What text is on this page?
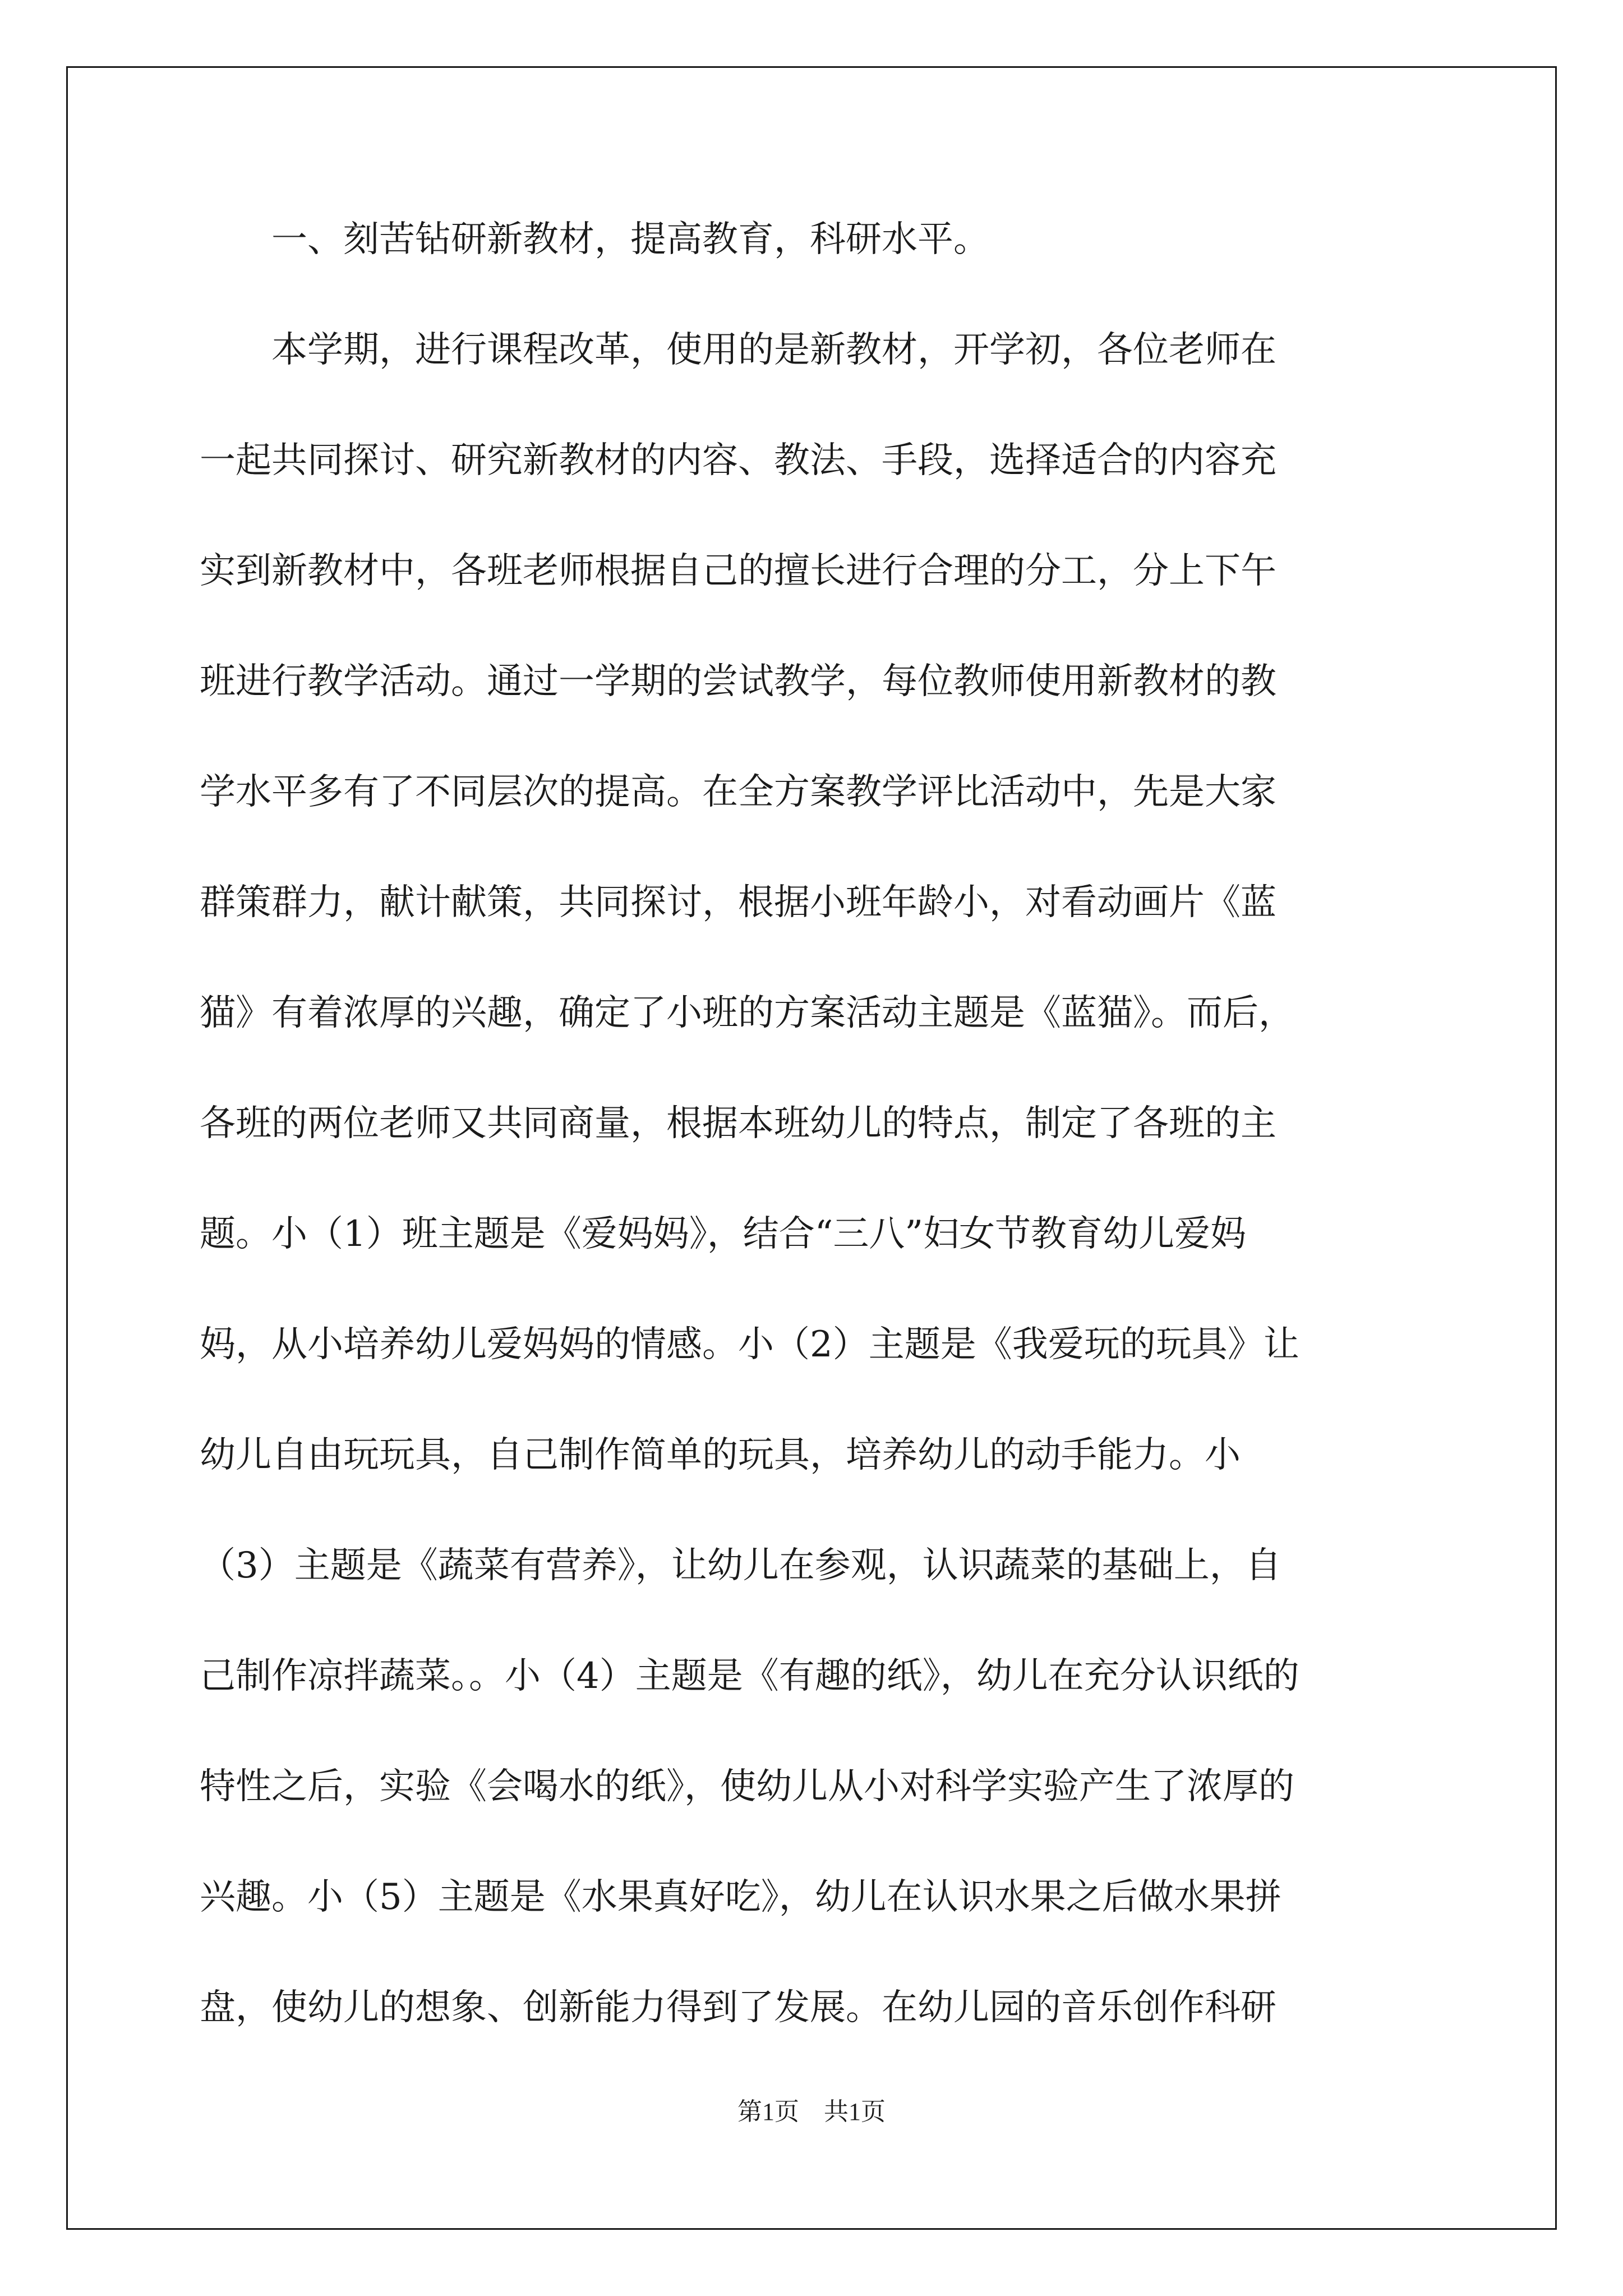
一、刻苦钻研新教材，提高教育，科研水平。
本学期，进行课程改革，使用的是新教材，开学初，各位老师在
一起共同探讨、研究新教材的内容、教法、手段，选择适合的内容充
实到新教材中，各班老师根据自己的擅长进行合理的分工，分上下午
班进行教学活动。通过一学期的尝试教学，每位教师使用新教材的教
学水平多有了不同层次的提高。在全方案教学评比活动中，先是大家
群策群力，献计献策，共同探讨，根据小班年龄小，对看动画片《蓝
猫》有着浓厚的兴趣，确定了小班的方案活动主题是《蓝猫》。而后，
各班的两位老师又共同商量，根据本班幼儿的特点，制定了各班的主
题。小（1）班主题是《爱妈妈》，结合“三八”妇女节教育幼儿爱妈
妈，从小培养幼儿爱妈妈的情感。小（2）主题是《我爱玩的玩具》让
幼儿自由玩玩具，自己制作简单的玩具，培养幼儿的动手能力。小
（3）主题是《蔬菜有营养》，让幼儿在参观，认识蔬菜的基础上，自
己制作凉拌蔬菜。。小（4）主题是《有趣的纸》，幼儿在充分认识纸的
特性之后，实验《会喝水的纸》，使幼儿从小对科学实验产生了浓厚的
兴趣。小（5）主题是《水果真好吃》，幼儿在认识水果之后做水果拼
盘，使幼儿的想象、创新能力得到了发展。在幼儿园的音乐创作科研
第1页　共1页
